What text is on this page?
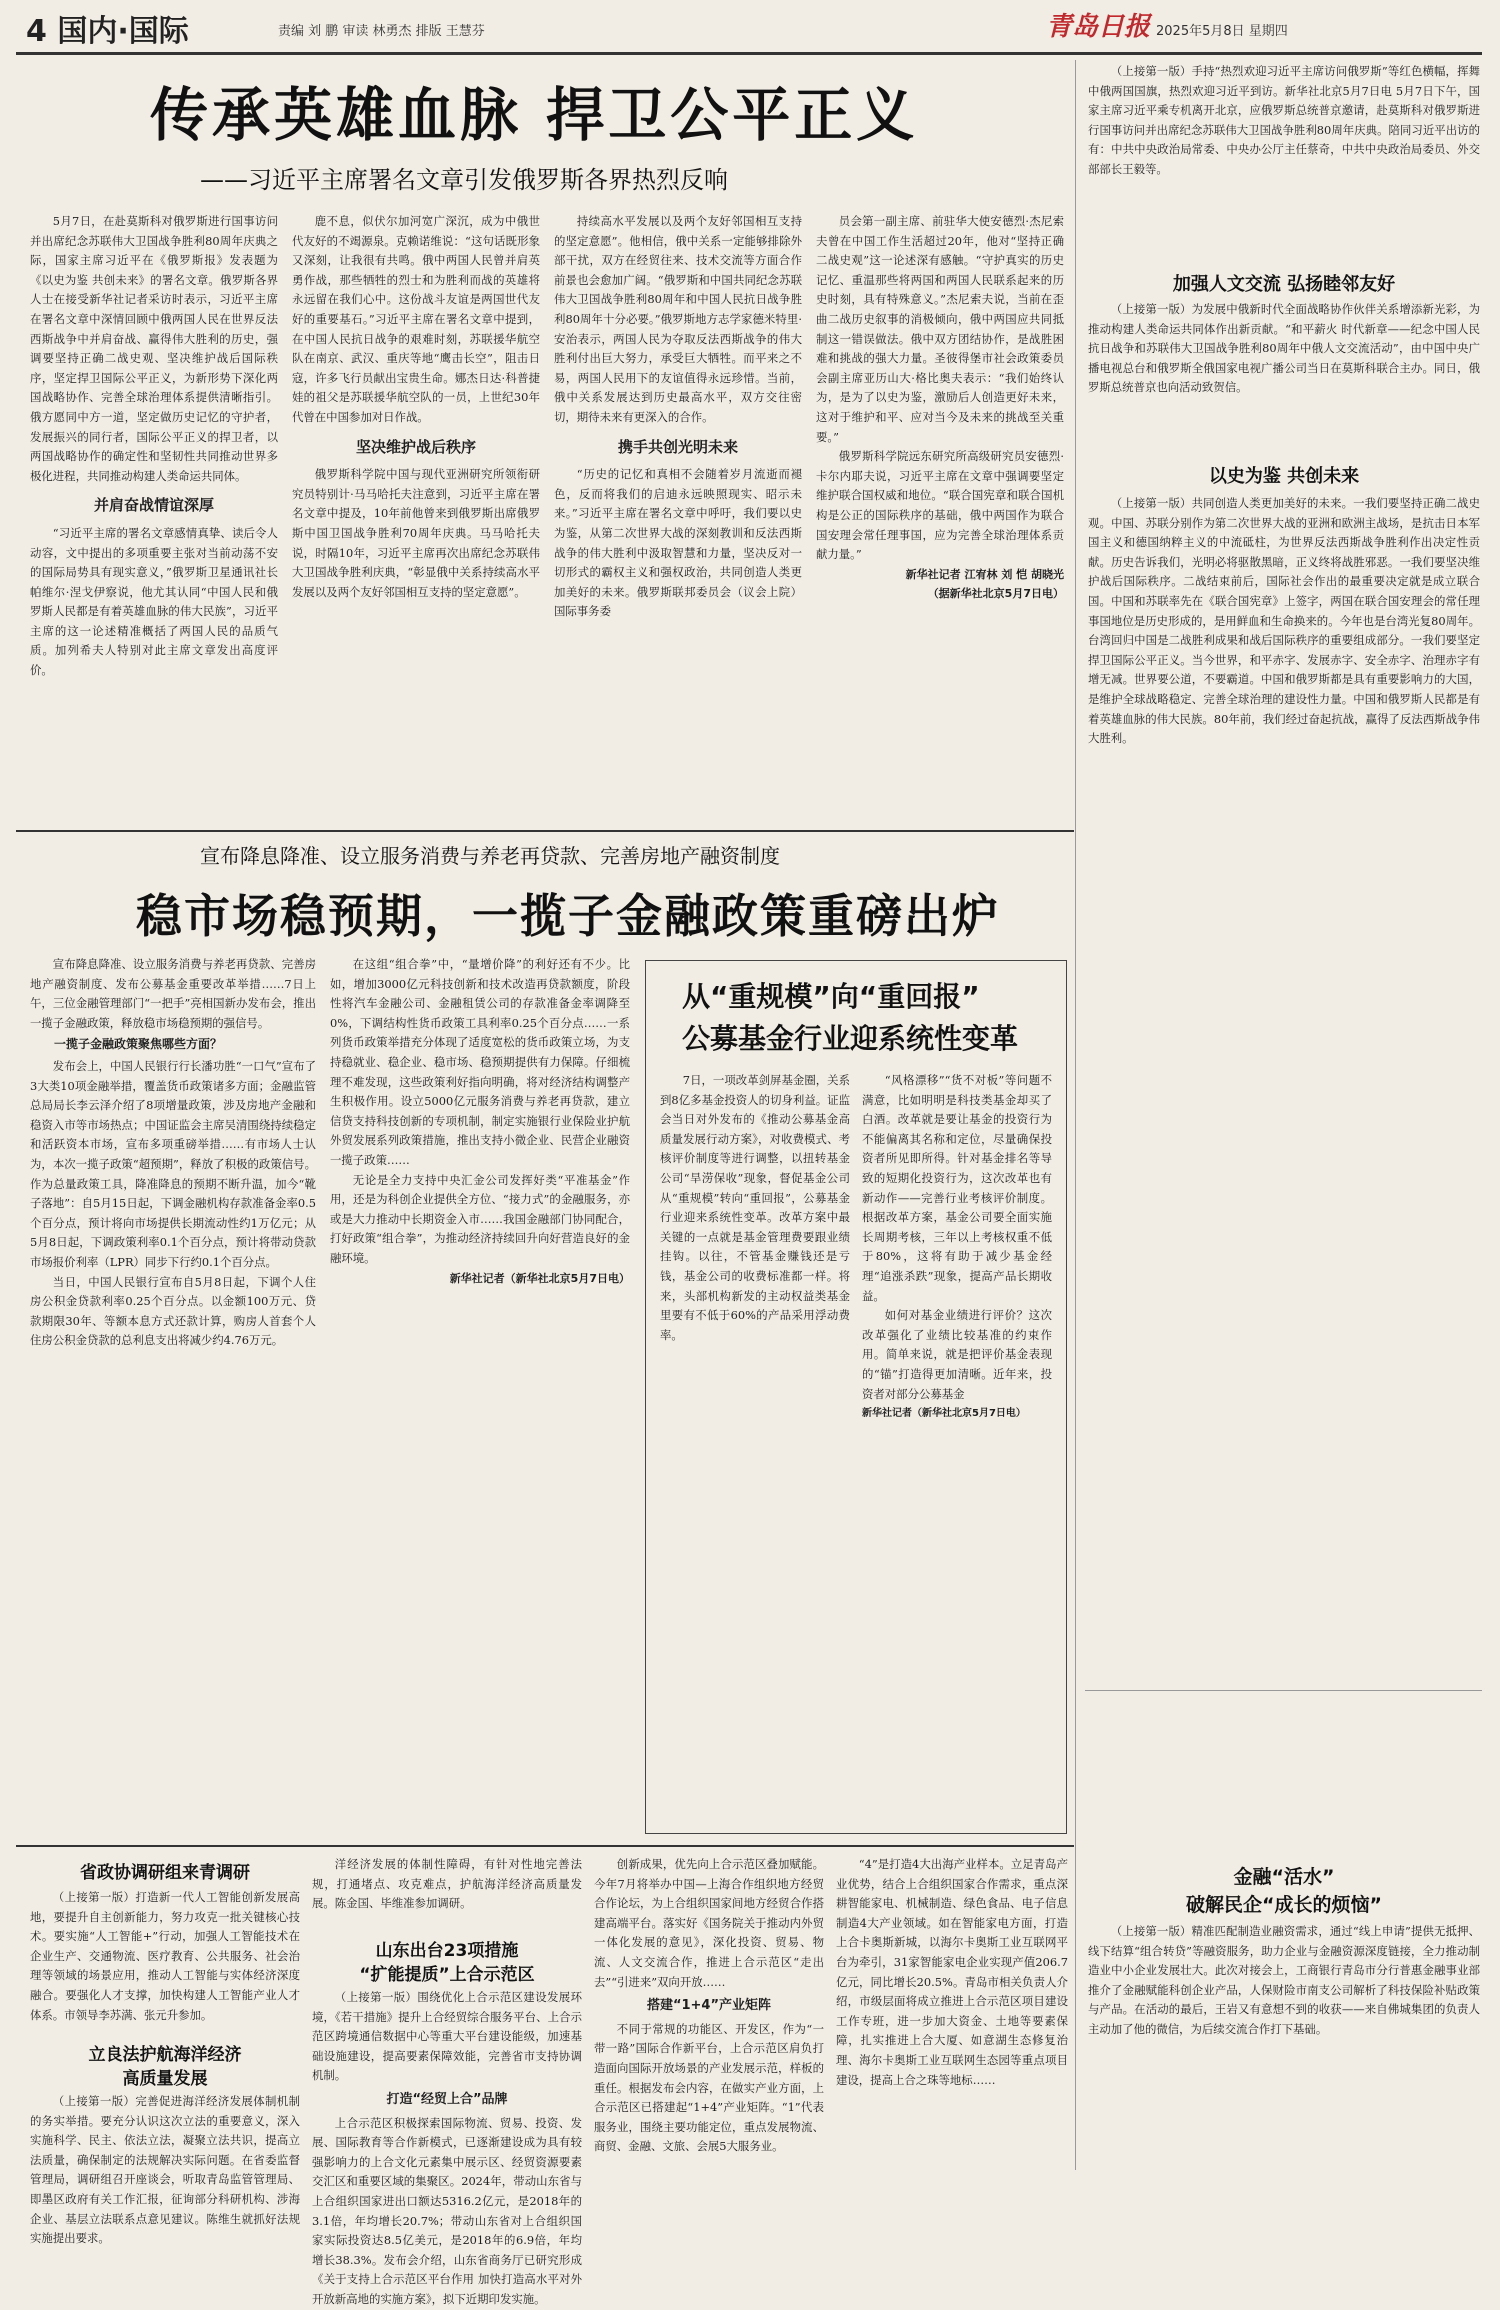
4 国内·国际	责编 刘 鹏 审读 林勇杰 排版 王慧芬	青岛日报 2025年5月8日 星期四
传承英雄血脉 捍卫公平正义
——习近平主席署名文章引发俄罗斯各界热烈反响

5月7日，在赴莫斯科对俄罗斯进行国事访问并出席纪念苏联伟大卫国战争胜利80周年庆典之际，国家主席习近平在《俄罗斯报》发表题为《以史为鉴 共创未来》的署名文章。俄罗斯各界人士在接受新华社记者采访时表示，习近平主席在署名文章中深情回顾中俄两国人民在世界反法西斯战争中并肩奋战、赢得伟大胜利的历史，强调要坚持正确二战史观、坚决维护战后国际秩序，坚定捍卫国际公平正义，为新形势下深化两国战略协作、完善全球治理体系提供清晰指引。俄方愿同中方一道，坚定做历史记忆的守护者，发展振兴的同行者，国际公平正义的捍卫者，以两国战略协作的确定性和坚韧性共同推动世界多极化进程，共同推动构建人类命运共同体。

并肩奋战情谊深厚

“习近平主席的署名文章感情真挚、读后令人动容，文中提出的多项重要主张对当前动荡不安的国际局势具有现实意义，”俄罗斯卫星通讯社长帕维尔·涅戈伊察说，他尤其认同“中国人民和俄罗斯人民都是有着英雄血脉的伟大民族”，习近平主席的这一论述精准概括了两国人民的品质气质。加列希夫人特别对此主席文章发出高度评价。

鹿不息，似伏尔加河宽广深沉，成为中俄世代友好的不竭源泉。克赖诺维说：“这句话既形象又深刻，让我很有共鸣。俄中两国人民曾并肩英勇作战，那些牺牲的烈士和为胜利而战的英雄将永远留在我们心中。这份战斗友谊是两国世代友好的重要基石。”习近平主席在署名文章中提到，在中国人民抗日战争的艰难时刻，苏联援华航空队在南京、武汉、重庆等地“鹰击长空”，阻击日寇，许多飞行员献出宝贵生命。娜杰日达·科普捷娃的祖父是苏联援华航空队的一员，上世纪30年代曾在中国参加对日作战。

坚决维护战后秩序

俄罗斯科学院中国与现代亚洲研究所领衔研究员特别计·马马哈托夫注意到，习近平主席在署名文章中提及，10年前他曾来到俄罗斯出席俄罗斯中国卫国战争胜利70周年庆典。马马哈托夫说，时隔10年，习近平主席再次出席纪念苏联伟大卫国战争胜利庆典，“彰显俄中关系持续高水平发展以及两个友好邻国相互支持的坚定意愿”。

持续高水平发展以及两个友好邻国相互支持的坚定意愿”。他相信，俄中关系一定能够排除外部干扰，双方在经贸往来、技术交流等方面合作前景也会愈加广阔。“俄罗斯和中国共同纪念苏联伟大卫国战争胜利80周年和中国人民抗日战争胜利80周年十分必要。”俄罗斯地方志学家德米特里·安治表示，两国人民为夺取反法西斯战争的伟大胜利付出巨大努力，承受巨大牺牲。而平来之不易，两国人民用下的友谊值得永远珍惜。当前，俄中关系发展达到历史最高水平，双方交往密切，期待未来有更深入的合作。

携手共创光明未来

“历史的记忆和真相不会随着岁月流逝而褪色，反而将我们的启迪永远映照现实、昭示未来。”习近平主席在署名文章中呼吁，我们要以史为鉴，从第二次世界大战的深刻教训和反法西斯战争的伟大胜利中汲取智慧和力量，坚决反对一切形式的霸权主义和强权政治，共同创造人类更加美好的未来。俄罗斯联邦委员会（议会上院）国际事务委

员会第一副主席、前驻华大使安德烈·杰尼索夫曾在中国工作生活超过20年，他对“坚持正确二战史观”这一论述深有感触。“守护真实的历史记忆、重温那些将两国和两国人民联系起来的历史时刻，具有特殊意义。”杰尼索夫说，当前在歪曲二战历史叙事的消极倾向，俄中两国应共同抵制这一错误做法。俄中双方团结协作，是战胜困难和挑战的强大力量。圣彼得堡市社会政策委员会副主席亚历山大·格比奥夫表示：“我们始终认为，是为了以史为鉴，激励后人创造更好未来，这对于维护和平、应对当今及未来的挑战至关重要。”

俄罗斯科学院远东研究所高级研究员安德烈·卡尔内耶夫说，习近平主席在文章中强调要坚定维护联合国权威和地位。“联合国宪章和联合国机构是公正的国际秩序的基础，俄中两国作为联合国安理会常任理事国，应为完善全球治理体系贡献力量。”

新华社记者 江宥林 刘 恺 胡晓光

（据新华社北京5月7日电）

宣布降息降准、设立服务消费与养老再贷款、完善房地产融资制度
稳市场稳预期，一揽子金融政策重磅出炉

宣布降息降准、设立服务消费与养老再贷款、完善房地产融资制度、发布公募基金重要改革举措……7日上午，三位金融管理部门“一把手”亮相国新办发布会，推出一揽子金融政策，释放稳市场稳预期的强信号。

一揽子金融政策聚焦哪些方面？

发布会上，中国人民银行行长潘功胜“一口气”宣布了3大类10项金融举措，覆盖货币政策诸多方面；金融监管总局局长李云泽介绍了8项增量政策，涉及房地产金融和稳资入市等市场热点；中国证监会主席吴清围绕持续稳定和活跃资本市场，宣布多项重磅举措……有市场人士认为，本次一揽子政策“超预期”，释放了积极的政策信号。作为总量政策工具，降准降息的预期不断升温，加今“靴子落地”：自5月15日起，下调金融机构存款准备金率0.5个百分点，预计将向市场提供长期流动性约1万亿元；从5月8日起，下调政策利率0.1个百分点，预计将带动贷款市场报价利率（LPR）同步下行约0.1个百分点。

当日，中国人民银行宣布自5月8日起，下调个人住房公积金贷款利率0.25个百分点。以金额100万元、贷款期限30年、等额本息方式还款计算，购房人首套个人住房公积金贷款的总利息支出将减少约4.76万元。

在这组“组合拳”中，“量增价降”的利好还有不少。比如，增加3000亿元科技创新和技术改造再贷款额度，阶段性将汽车金融公司、金融租赁公司的存款准备金率调降至0%，下调结构性货币政策工具利率0.25个百分点……一系列货币政策举措充分体现了适度宽松的货币政策立场，为支持稳就业、稳企业、稳市场、稳预期提供有力保障。仔细梳理不难发现，这些政策利好指向明确，将对经济结构调整产生积极作用。设立5000亿元服务消费与养老再贷款，建立信贷支持科技创新的专项机制，制定实施银行业保险业护航外贸发展系列政策措施，推出支持小微企业、民营企业融资一揽子政策……

无论是全力支持中央汇金公司发挥好类“平准基金”作用，还是为科创企业提供全方位、“接力式”的金融服务，亦或是大力推动中长期资金入市……我国金融部门协同配合，打好政策“组合拳”，为推动经济持续回升向好营造良好的金融环境。

新华社记者（新华社北京5月7日电）

从“重规模”向“重回报”
公募基金行业迎系统性变革

7日，一项改革剑屏基金圈，关系到8亿多基金投资人的切身利益。证监会当日对外发布的《推动公募基金高质量发展行动方案》，对收费模式、考核评价制度等进行调整，以扭转基金公司“旱涝保收”现象，督促基金公司从“重规模”转向“重回报”，公募基金行业迎来系统性变革。改革方案中最关键的一点就是基金管理费要跟业绩挂钩。以往，不管基金赚钱还是亏钱，基金公司的收费标准都一样。将来，头部机构新发的主动权益类基金里要有不低于60%的产品采用浮动费率。

“风格漂移”“货不对板”等问题不满意，比如明明是科技类基金却买了白酒。改革就是要让基金的投资行为不能偏离其名称和定位，尽量确保投资者所见即所得。针对基金排名等导致的短期化投资行为，这次改革也有新动作——完善行业考核评价制度。根据改革方案，基金公司要全面实施长周期考核，三年以上考核权重不低于80%，这将有助于减少基金经理“追涨杀跌”现象，提高产品长期收益。

如何对基金业绩进行评价？这次改革强化了业绩比较基准的约束作用。简单来说，就是把评价基金表现的“锚”打造得更加清晰。近年来，投资者对部分公募基金

新华社记者（新华社北京5月7日电）

（上接第一版）手持“热烈欢迎习近平主席访问俄罗斯”等红色横幅，挥舞中俄两国国旗，热烈欢迎习近平到访。新华社北京5月7日电 5月7日下午，国家主席习近平乘专机离开北京，应俄罗斯总统普京邀请，赴莫斯科对俄罗斯进行国事访问并出席纪念苏联伟大卫国战争胜利80周年庆典。陪同习近平出访的有：中共中央政治局常委、中央办公厅主任蔡奇，中共中央政治局委员、外交部部长王毅等。

加强人文交流 弘扬睦邻友好

（上接第一版）为发展中俄新时代全面战略协作伙伴关系增添新光彩，为推动构建人类命运共同体作出新贡献。“和平薪火 时代新章——纪念中国人民抗日战争和苏联伟大卫国战争胜利80周年中俄人文交流活动”，由中国中央广播电视总台和俄罗斯全俄国家电视广播公司当日在莫斯科联合主办。同日，俄罗斯总统普京也向活动致贺信。

以史为鉴 共创未来

（上接第一版）共同创造人类更加美好的未来。一我们要坚持正确二战史观。中国、苏联分别作为第二次世界大战的亚洲和欧洲主战场，是抗击日本军国主义和德国纳粹主义的中流砥柱，为世界反法西斯战争胜利作出决定性贡献。历史告诉我们，光明必将驱散黑暗，正义终将战胜邪恶。一我们要坚决维护战后国际秩序。二战结束前后，国际社会作出的最重要决定就是成立联合国。中国和苏联率先在《联合国宪章》上签字，两国在联合国安理会的常任理事国地位是历史形成的，是用鲜血和生命换来的。今年也是台湾光复80周年。台湾回归中国是二战胜利成果和战后国际秩序的重要组成部分。一我们要坚定捍卫国际公平正义。当今世界，和平赤字、发展赤字、安全赤字、治理赤字有增无减。世界要公道，不要霸道。中国和俄罗斯都是具有重要影响力的大国，是维护全球战略稳定、完善全球治理的建设性力量。中国和俄罗斯人民都是有着英雄血脉的伟大民族。80年前，我们经过奋起抗战，赢得了反法西斯战争伟大胜利。

金融“活水”
破解民企“成长的烦恼”

（上接第一版）精准匹配制造业融资需求，通过“线上申请”提供无抵押、线下结算“组合转贷”等融资服务，助力企业与金融资源深度链接，全力推动制造业中小企业发展壮大。此次对接会上，工商银行青岛市分行普惠金融事业部推介了金融赋能科创企业产品，人保财险市南支公司解析了科技保险补贴政策与产品。在活动的最后，王岩又有意想不到的收获——来自佛城集团的负责人主动加了他的微信，为后续交流合作打下基础。

省政协调研组来青调研

（上接第一版）打造新一代人工智能创新发展高地，要提升自主创新能力，努力攻克一批关键核心技术。要实施“人工智能+”行动，加强人工智能技术在企业生产、交通物流、医疗教育、公共服务、社会治理等领域的场景应用，推动人工智能与实体经济深度融合。要强化人才支撑，加快构建人工智能产业人才体系。市领导李苏满、张元升参加。

立良法护航海洋经济
高质量发展

（上接第一版）完善促进海洋经济发展体制机制的务实举措。要充分认识这次立法的重要意义，深入实施科学、民主、依法立法，凝聚立法共识，提高立法质量，确保制定的法规解决实际问题。在省委监督管理局，调研组召开座谈会，听取青岛监管管理局、即墨区政府有关工作汇报，征询部分科研机构、涉海企业、基层立法联系点意见建议。陈维生就抓好法规实施提出要求。

洋经济发展的体制性障碍，有针对性地完善法规，打通堵点、攻克难点，护航海洋经济高质量发展。陈金国、毕维准参加调研。

山东出台23项措施
“扩能提质”上合示范区

（上接第一版）围绕优化上合示范区建设发展环境，《若干措施》提升上合经贸综合服务平台、上合示范区跨境通信数据中心等重大平台建设能级，加速基础设施建设，提高要素保障效能，完善省市支持协调机制。

打造“经贸上合”品牌

上合示范区积极探索国际物流、贸易、投资、发展、国际教育等合作新模式，已逐渐建设成为具有较强影响力的上合文化元素集中展示区、经贸资源要素交汇区和重要区域的集聚区。2024年，带动山东省与上合组织国家进出口额达5316.2亿元，是2018年的3.1倍，年均增长20.7%；带动山东省对上合组织国家实际投资达8.5亿美元，是2018年的6.9倍，年均增长38.3%。发布会介绍，山东省商务厅已研究形成《关于支持上合示范区平台作用 加快打造高水平对外开放新高地的实施方案》，拟下近期印发实施。

创新成果，优先向上合示范区叠加赋能。今年7月将举办中国—上海合作组织地方经贸合作论坛，为上合组织国家间地方经贸合作搭建高端平台。落实好《国务院关于推动内外贸一体化发展的意见》，深化投资、贸易、物流、人文交流合作，推进上合示范区“走出去”“引进来”双向开放……

搭建“1+4”产业矩阵

不同于常规的功能区、开发区，作为“一带一路”国际合作新平台，上合示范区肩负打造面向国际开放场景的产业发展示范，样板的重任。根据发布会内容，在做实产业方面，上合示范区已搭建起“1+4”产业矩阵。“1”代表服务业，围绕主要功能定位，重点发展物流、商贸、金融、文旅、会展5大服务业。

“4”是打造4大出海产业样本。立足青岛产业优势，结合上合组织国家合作需求，重点深耕智能家电、机械制造、绿色食品、电子信息制造4大产业领域。如在智能家电方面，打造上合卡奥斯新城，以海尔卡奥斯工业互联网平台为牵引，31家智能家电企业实现产值206.7亿元，同比增长20.5%。青岛市相关负责人介绍，市级层面将成立推进上合示范区项目建设工作专班，进一步加大资金、土地等要素保障，扎实推进上合大厦、如意湖生态修复治理、海尔卡奥斯工业互联网生态园等重点项目建设，提高上合之珠等地标……
